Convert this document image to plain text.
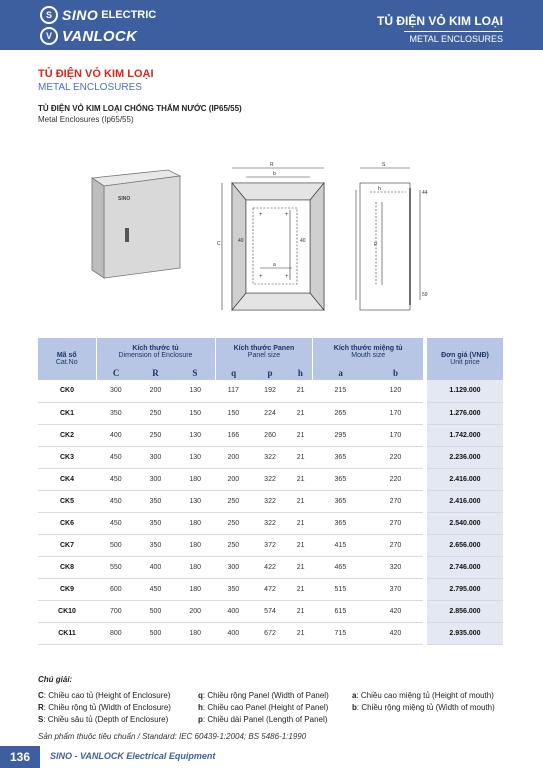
S SINO ELECTRIC
V VANLOCK
TỦ ĐIỆN VỎ KIM LOẠI
METAL ENCLOSURES
TỦ ĐIỆN VỎ KIM LOẠI
METAL ENCLOSURES
TỦ ĐIỆN VỎ KIM LOẠI CHỐNG THẤM NƯỚC (IP65/55)
Metal Enclosures (Ip65/55)
SINO
R
b
C
a
40	40
+	+
+	+
S
h
P
44
59
Mã số
Cat.No	Kích thước tủ
Dimension of Enclosure			Kích thước Panen
Panel size			Kích thước miệng tủ
Mouth size			Đơn giá (VNĐ)
Unit price

	C	R	S	q	p	h	a	b		
CK0	300	200	130	117	192	21	215	120		1.129.000
CK1	350	250	150	150	224	21	265	170		1.276.000
CK2	400	250	130	166	260	21	295	170		1.742.000
CK3	450	300	130	200	322	21	365	220		2.236.000
CK4	450	300	180	200	322	21	365	220		2.416.000
CK5	450	350	130	250	322	21	365	270		2.416.000
CK6	450	350	180	250	322	21	365	270		2.540.000
CK7	500	350	180	250	372	21	415	270		2.656.000
CK8	550	400	180	300	422	21	465	320		2.746.000
CK9	600	450	180	350	472	21	515	370		2.795.000
CK10	700	500	200	400	574	21	615	420		2.856.000
CK11	800	500	180	400	672	21	715	420		2.935.000
Chú giải:
C: Chiều cao tủ (Height of Enclosure)
R: Chiều rộng tủ (Width of Enclosure)
S: Chiều sâu tủ (Depth of Enclosure)
q: Chiều rộng Panel (Width of Panel)
h: Chiều cao Panel (Height of Panel)
p: Chiều dài Panel (Length of Panel)
a: Chiều cao miệng tủ (Height of mouth)
b: Chiều rộng miệng tủ (Width of mouth)
Sản phẩm thuộc tiêu chuẩn / Standard: IEC 60439-1:2004; BS 5486-1:1990
136	SINO - VANLOCK Electrical Equipment
